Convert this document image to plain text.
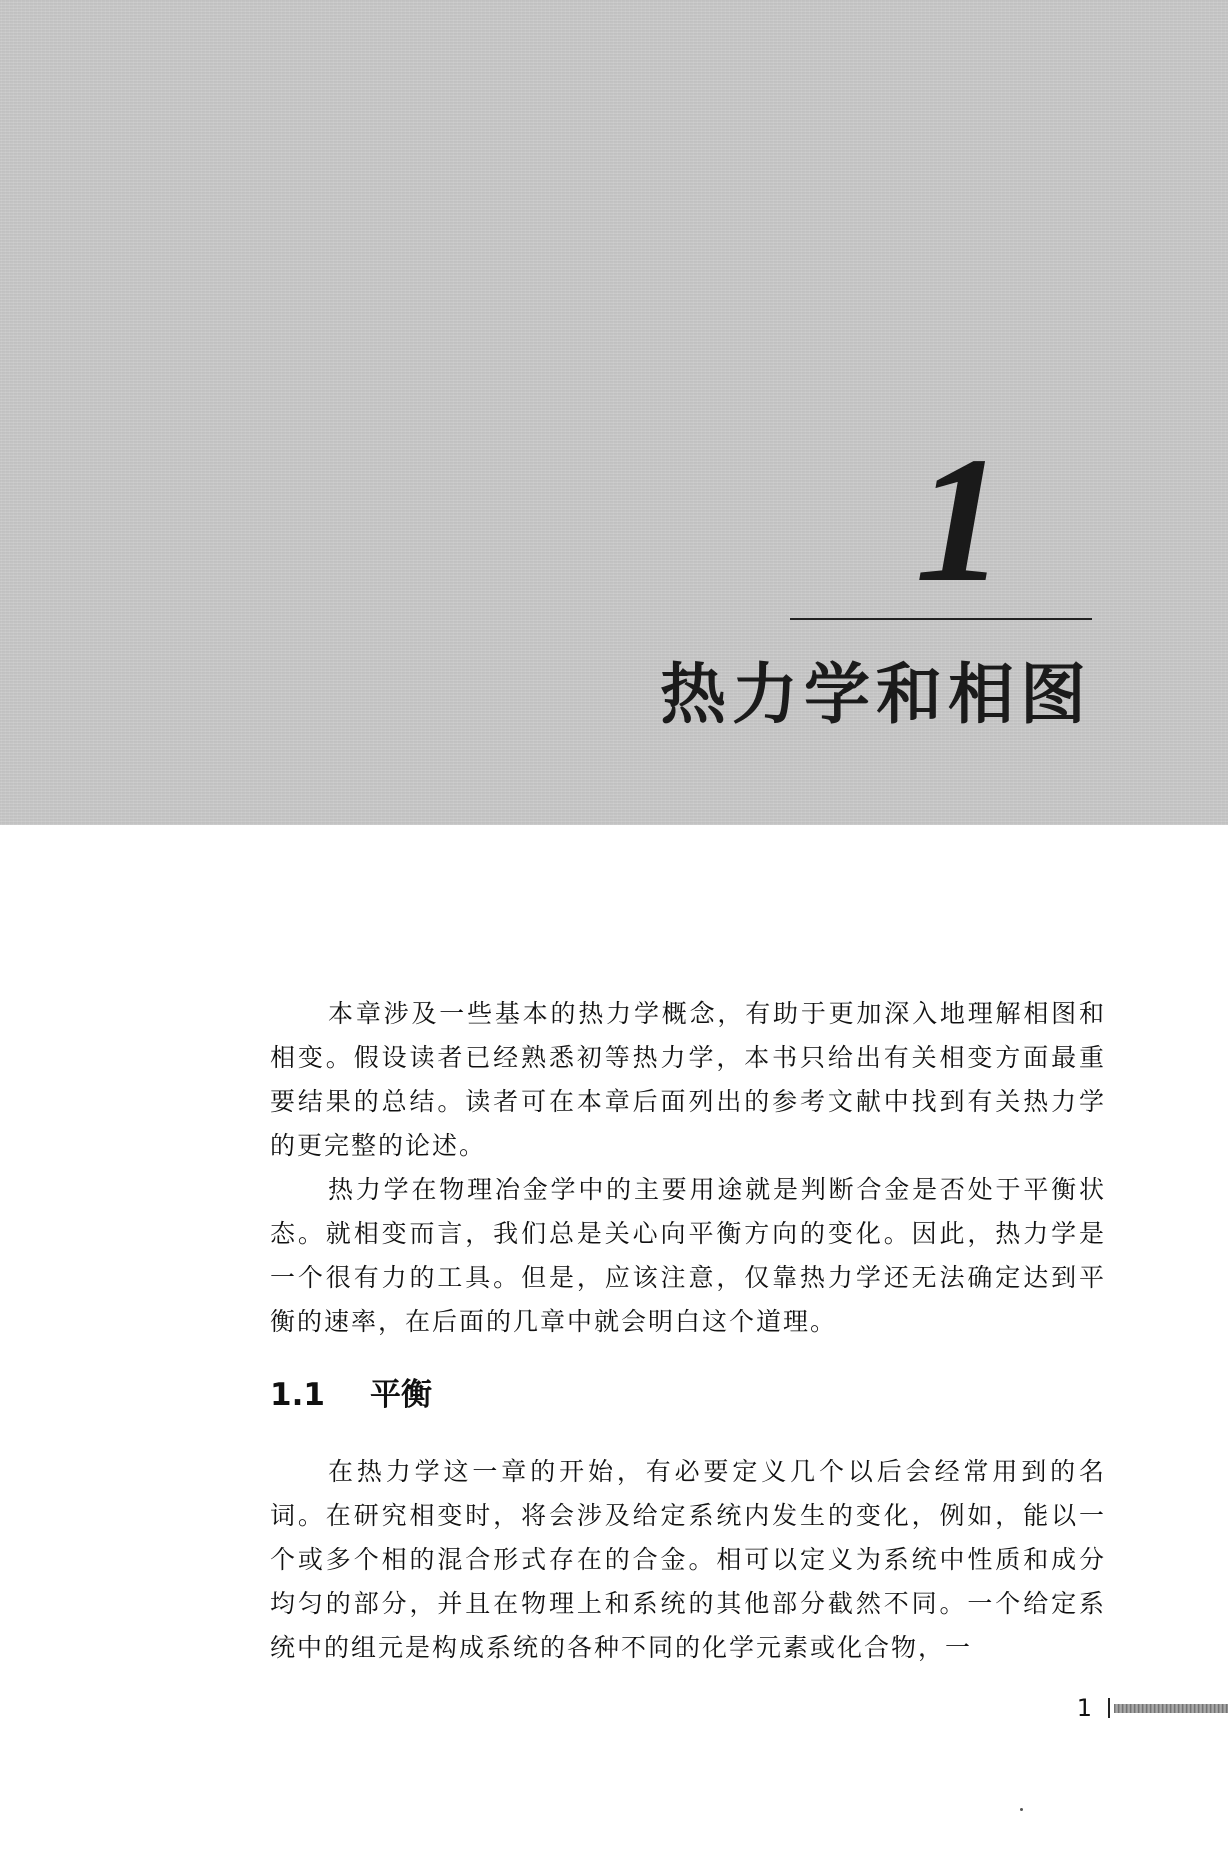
1
热力学和相图

本章涉及一些基本的热力学概念，有助于更加深入地理解相图和相变。假设读者已经熟悉初等热力学，本书只给出有关相变方面最重要结果的总结。读者可在本章后面列出的参考文献中找到有关热力学的更完整的论述。

热力学在物理冶金学中的主要用途就是判断合金是否处于平衡状态。就相变而言，我们总是关心向平衡方向的变化。因此，热力学是一个很有力的工具。但是，应该注意，仅靠热力学还无法确定达到平衡的速率，在后面的几章中就会明白这个道理。

1.1 平衡

在热力学这一章的开始，有必要定义几个以后会经常用到的名词。在研究相变时，将会涉及给定系统内发生的变化，例如，能以一个或多个相的混合形式存在的合金。相可以定义为系统中性质和成分均匀的部分，并且在物理上和系统的其他部分截然不同。一个给定系统中的组元是构成系统的各种不同的化学元素或化合物，一

1
